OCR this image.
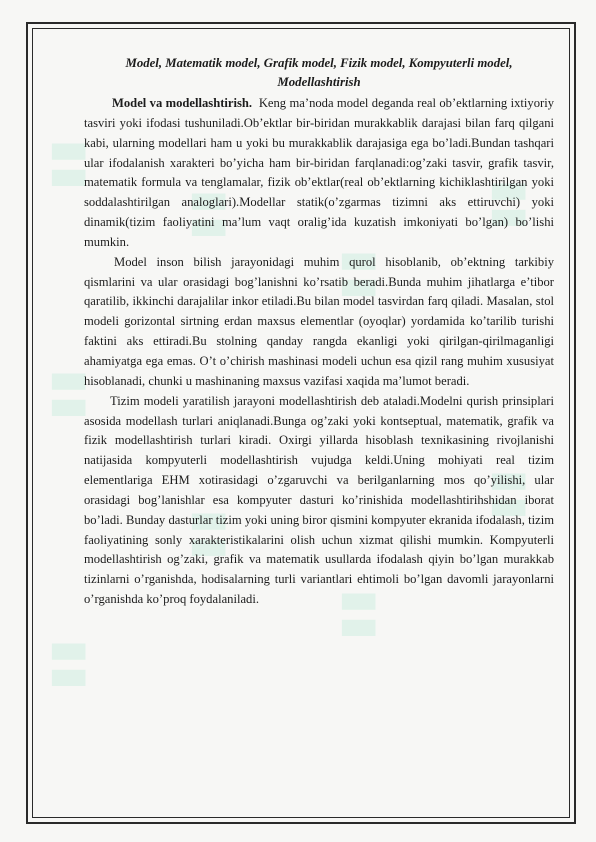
▮▮
▮▮
▮▮
▮▮
▮▮
▮▮
▮▮
▮▮
▮▮
Model, Matematik model, Grafik model, Fizik model, Kompyuterli model,
Modellashtirish

Model va modellashtirish. Keng ma’noda model deganda real ob’ektlarning ixtiyoriy tasviri yoki ifodasi tushuniladi.Ob’ektlar bir-biridan murakkablik darajasi bilan farq qilgani kabi, ularning modellari ham u yoki bu murakkablik darajasiga ega bo’ladi.Bundan tashqari ular ifodalanish xarakteri bo’yicha ham bir-biridan farqlanadi:og’zaki tasvir, grafik tasvir, matematik formula va tenglamalar, fizik ob’ektlar(real ob’ektlarning kichiklashtirilgan yoki soddalashtirilgan analoglari).Modellar statik(o’zgarmas tizimni aks ettiruvchi) yoki dinamik(tizim faoliyatini ma’lum vaqt oralig’ida kuzatish imkoniyati bo’lgan) bo’lishi mumkin.

Model inson bilish jarayonidagi muhim qurol hisoblanib, ob’ektning tarkibiy qismlarini va ular orasidagi bog’lanishni ko’rsatib beradi.Bunda muhim jihatlarga e’tibor qaratilib, ikkinchi darajalilar inkor etiladi.Bu bilan model tasvirdan farq qiladi. Masalan, stol modeli gorizontal sirtning erdan maxsus elementlar (oyoqlar) yordamida ko’tarilib turishi faktini aks ettiradi.Bu stolning qanday rangda ekanligi yoki qirilgan-qirilmaganligi ahamiyatga ega emas. O’t o’chirish mashinasi modeli uchun esa qizil rang muhim xususiyat hisoblanadi, chunki u mashinaning maxsus vazifasi xaqida ma’lumot beradi.

Tizim modeli yaratilish jarayoni modellashtirish deb ataladi.Modelni qurish prinsiplari asosida modellash turlari aniqlanadi.Bunga og’zaki yoki kontseptual, matematik, grafik va fizik modellashtirish turlari kiradi. Oxirgi yillarda hisoblash texnikasining rivojlanishi natijasida kompyuterli modellashtirish vujudga keldi.Uning mohiyati real tizim elementlariga EHM xotirasidagi o’zgaruvchi va berilganlarning mos qo’yilishi, ular orasidagi bog’lanishlar esa kompyuter dasturi ko’rinishida modellashtirihshidan iborat bo’ladi. Bunday dasturlar tizim yoki uning biror qismini kompyuter ekranida ifodalash, tizim faoliyatining sonly xarakteristikalarini olish uchun xizmat qilishi mumkin. Kompyuterli modellashtirish og’zaki, grafik va matematik usullarda ifodalash qiyin bo’lgan murakkab tizinlarni o’rganishda, hodisalarning turli variantlari ehtimoli bo’lgan davomli jarayonlarni o’rganishda ko’proq foydalaniladi.
